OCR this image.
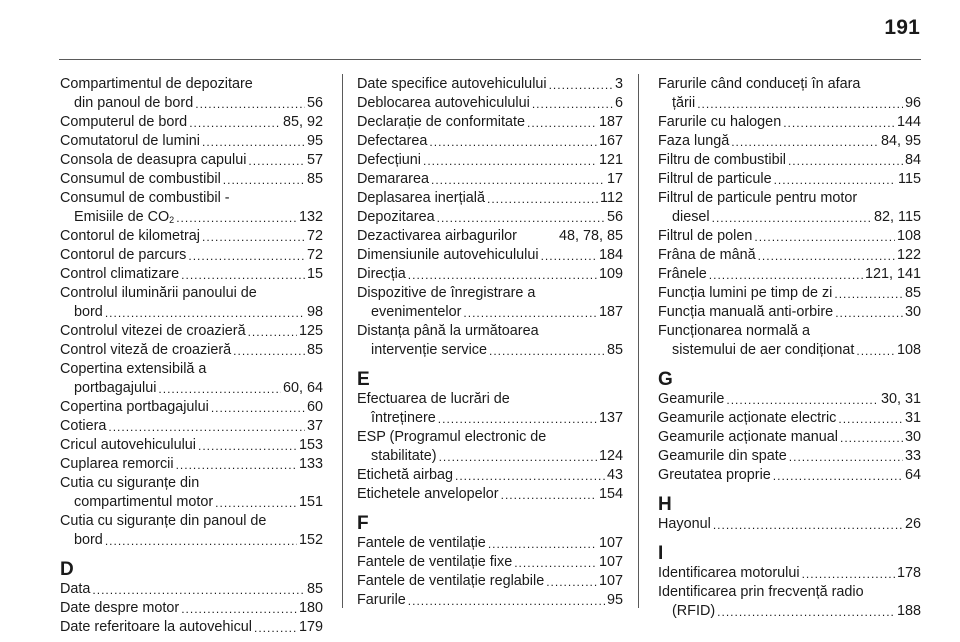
191
Compartimentul de depozitare
din panoul de bord .....	56
Computerul de bord .....	85, 92
Comutatorul de lumini .....	95
Consola de deasupra capului .....	57
Consumul de combustibil .....	85
Consumul de combustibil -
Emisiile de $CO_2$ .....	132
Contorul de kilometraj .....	72
Contorul de parcurs .....	72
Control climatizare .....	15
Controlul iluminării panoului de
bord .....	98
Controlul vitezei de croazieră .....	125
Control viteză de croazieră .....	85
Copertina extensibilă a
portbagajului .....	60, 64
Copertina portbagajului .....	60
Cotiera .....	37
Cricul autovehiculului .....	153
Cuplarea remorcii .....	133
Cutia cu siguranțe din
compartimentul motor .....	151
Cutia cu siguranțe din panoul de
bord .....	152
D
Data .....	85
Date despre motor .....	180
Date referitoare la autovehicul .....	179
Date specifice autovehiculului .....	3
Deblocarea autovehiculului .....	6
Declarație de conformitate .....	187
Defectarea .....	167
Defecțiuni .....	121
Demararea .....	17
Deplasarea inerțială .....	112
Depozitarea .....	56
Dezactivarea airbagurilor	48, 78, 85
Dimensiunile autovehiculului .....	184
Direcția .....	109
Dispozitive de înregistrare a
evenimentelor .....	187
Distanța până la următoarea
intervenție service .....	85
E
Efectuarea de lucrări de
întreținere .....	137
ESP (Programul electronic de
stabilitate) .....	124
Etichetă airbag .....	43
Etichetele anvelopelor .....	154
F
Fantele de ventilație .....	107
Fantele de ventilație fixe .....	107
Fantele de ventilație reglabile .....	107
Farurile .....	95
Farurile când conduceți în afara
țării .....	96
Farurile cu halogen .....	144
Faza lungă .....	84, 95
Filtru de combustibil .....	84
Filtrul de particule .....	115
Filtrul de particule pentru motor
diesel .....	82, 115
Filtrul de polen .....	108
Frâna de mână .....	122
Frânele .....	121, 141
Funcția lumini pe timp de zi .....	85
Funcția manuală anti-orbire .....	30
Funcționarea normală a
sistemului de aer condiționat .....	108
G
Geamurile .....	30, 31
Geamurile acționate electric .....	31
Geamurile acționate manual .....	30
Geamurile din spate .....	33
Greutatea proprie .....	64
H
Hayonul .....	26
I
Identificarea motorului .....	178
Identificarea prin frecvență radio
(RFID) .....	188
